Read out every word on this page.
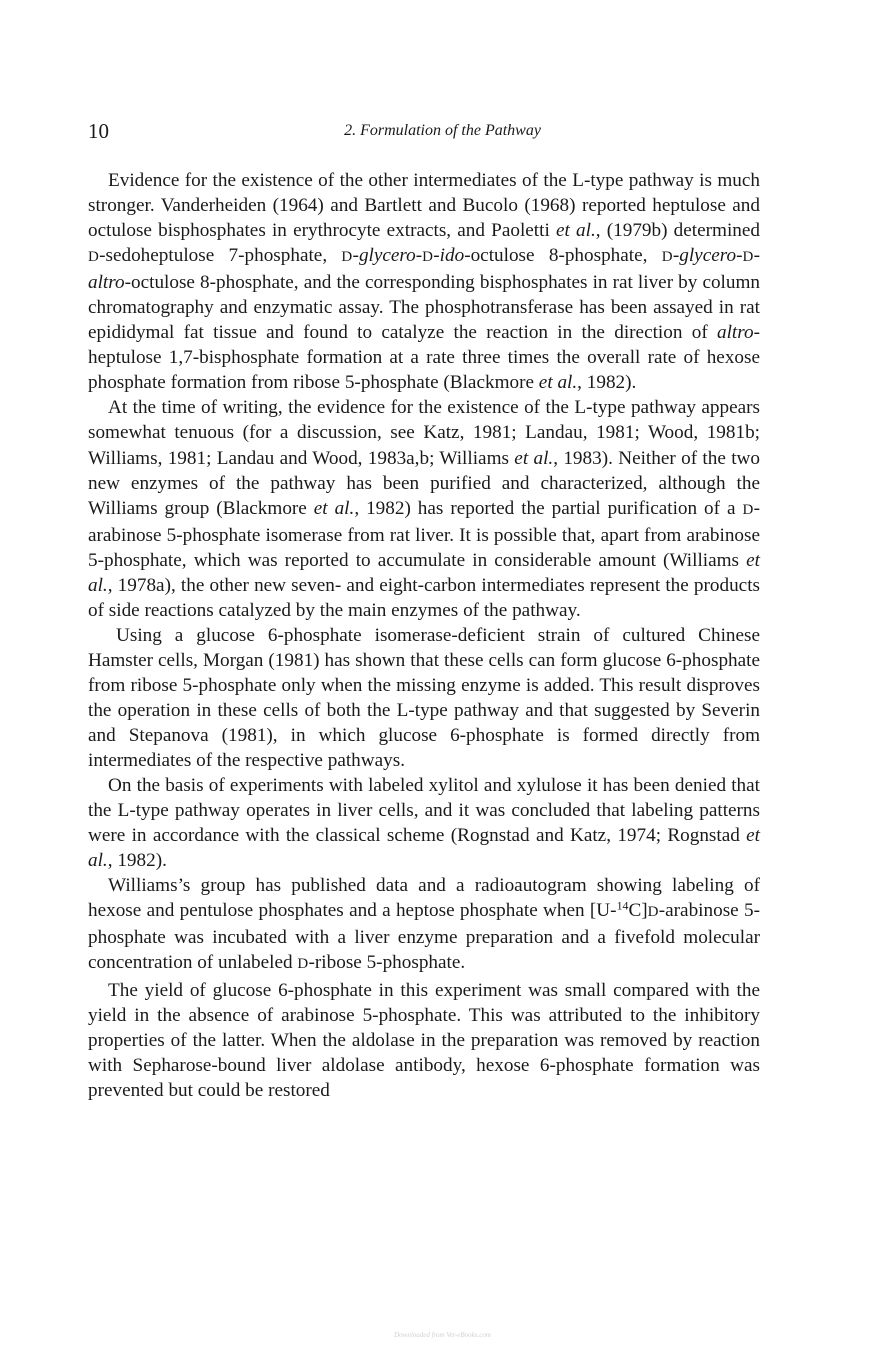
10	2. Formulation of the Pathway

Evidence for the existence of the other intermediates of the L-type pathway is much stronger. Vanderheiden (1964) and Bartlett and Bucolo (1968) reported heptulose and octulose bisphosphates in erythrocyte extracts, and Paoletti et al., (1979b) determined D-sedoheptulose 7-phosphate, D-glycero-D-ido-octulose 8-phosphate, D-glycero-D-altro-octulose 8-phosphate, and the corresponding bisphosphates in rat liver by column chromatography and enzymatic assay. The phosphotransferase has been assayed in rat epididymal fat tissue and found to catalyze the reaction in the direction of altro-heptulose 1,7-bisphosphate formation at a rate three times the overall rate of hexose phosphate formation from ribose 5-phosphate (Blackmore et al., 1982).

At the time of writing, the evidence for the existence of the L-type pathway appears somewhat tenuous (for a discussion, see Katz, 1981; Landau, 1981; Wood, 1981b; Williams, 1981; Landau and Wood, 1983a,b; Williams et al., 1983). Neither of the two new enzymes of the pathway has been purified and characterized, although the Williams group (Blackmore et al., 1982) has reported the partial purification of a D-arabinose 5-phosphate isomerase from rat liver. It is possible that, apart from arabinose 5-phosphate, which was reported to accumulate in considerable amount (Williams et al., 1978a), the other new seven- and eight-carbon intermediates represent the products of side reactions catalyzed by the main enzymes of the pathway.

Using a glucose 6-phosphate isomerase-deficient strain of cultured Chinese Hamster cells, Morgan (1981) has shown that these cells can form glucose 6-phosphate from ribose 5-phosphate only when the missing enzyme is added. This result disproves the operation in these cells of both the L-type pathway and that suggested by Severin and Stepanova (1981), in which glucose 6-phosphate is formed directly from intermediates of the respective pathways.

On the basis of experiments with labeled xylitol and xylulose it has been denied that the L-type pathway operates in liver cells, and it was concluded that labeling patterns were in accordance with the classical scheme (Rognstad and Katz, 1974; Rognstad et al., 1982).

Williams’s group has published data and a radioautogram showing labeling of hexose and pentulose phosphates and a heptose phosphate when [U-$^{14}$C]D-arabinose 5-phosphate was incubated with a liver enzyme preparation and a fivefold molecular concentration of unlabeled D-ribose 5-phosphate.

The yield of glucose 6-phosphate in this experiment was small compared with the yield in the absence of arabinose 5-phosphate. This was attributed to the inhibitory properties of the latter. When the aldolase in the preparation was removed by reaction with Sepharose-bound liver aldolase antibody, hexose 6-phosphate formation was prevented but could be restored

Downloaded from Vet-eBooks.com
